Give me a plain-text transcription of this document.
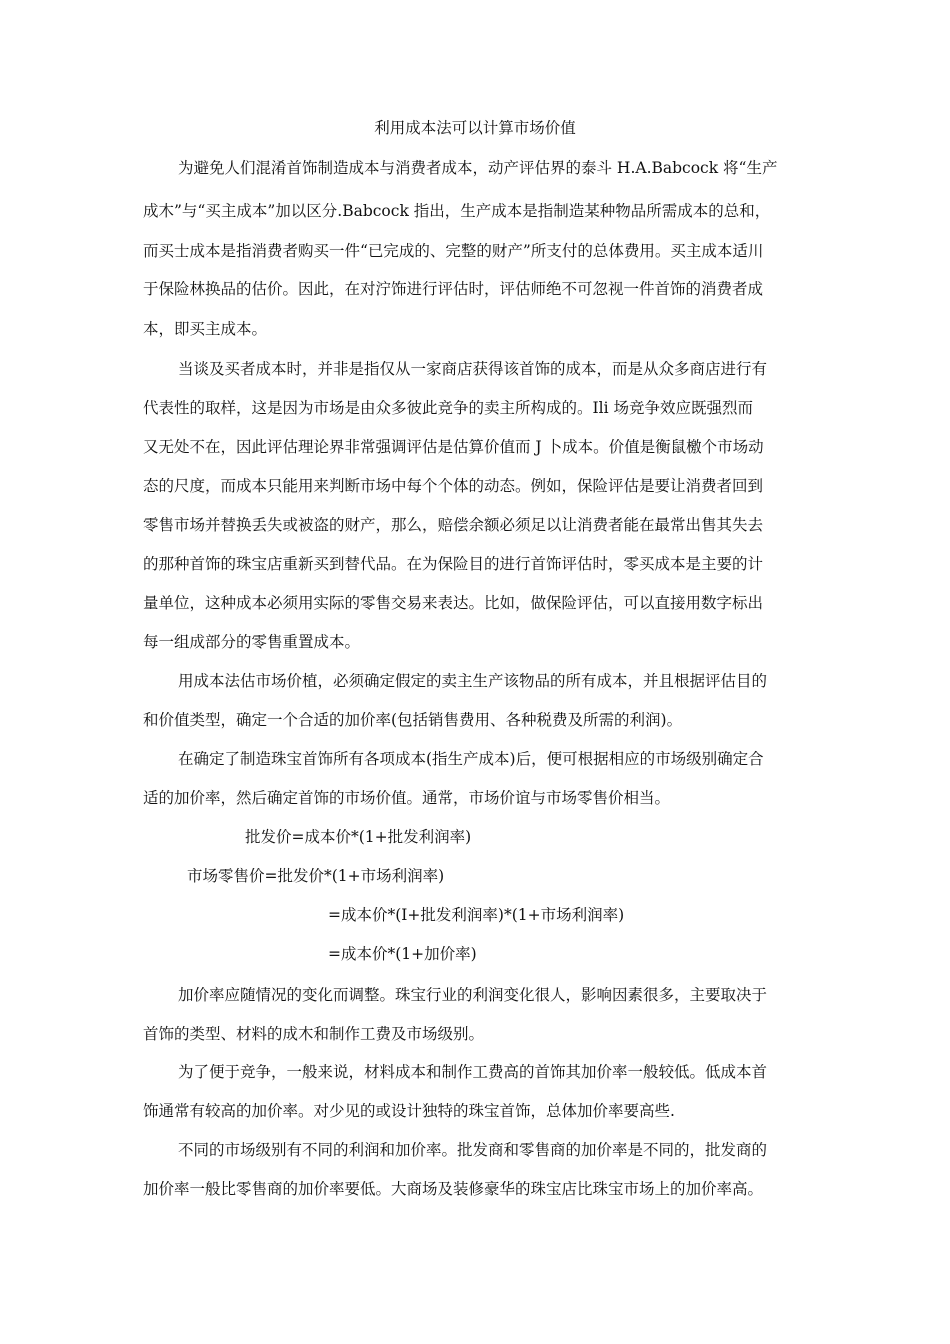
利用成本法可以计算市场价值
为避免人们混淆首饰制造成本与消费者成本，动产评估界的泰斗 H.A.Babcock 将“生产
成木”与“买主成本”加以区分.Babcock 指出，生产成本是指制造某种物品所需成本的总和，
而买士成本是指消费者购买一件“已完成的、完整的财产”所支付的总体费用。买主成本适川
于保险林换品的估价。因此，在对泞饰进行评估时，评估师绝不可忽视一件首饰的消费者成
本，即买主成本。
当谈及买者成本时，并非是指仅从一家商店获得该首饰的成本，而是从众多商店进行有
代表性的取样，这是因为市场是由众多彼此竞争的卖主所构成的。Ili 场竞争效应既强烈而
又无处不在，因此评估理论界非常强调评估是估算价值而 J 卜成本。价值是衡鼠檄个市场动
态的尺度，而成本只能用来判断市场中每个个体的动态。例如，保险评估是要让消费者回到
零售市场并替换丢失或被盗的财产，那么，赔偿余额必须足以让消费者能在最常出售其失去
的那种首饰的珠宝店重新买到替代品。在为保险目的进行首饰评估时，零买成本是主要的计
量单位，这种成本必须用实际的零售交易来表达。比如，做保险评估，可以直接用数字标出
每一组成部分的零售重置成本。
用成本法估市场价植，必须确定假定的卖主生产该物品的所有成本，并且根据评估目的
和价值类型，确定一个合适的加价率(包括销售费用、各种税费及所需的利润)。
在确定了制造珠宝首饰所有各项成本(指生产成本)后，便可根据相应的市场级别确定合
适的加价率，然后确定首饰的市场价值。通常，市场价谊与市场零售价相当。
批发价=成本价*(1+批发利润率)
市场零售价=批发价*(1+市场利润率)
=成本价*(I+批发利润率)*(1+市场利润率)
=成本价*(1+加价率)
加价率应随情况的变化而调整。珠宝行业的利润变化很人，影响因素很多，主要取决于
首饰的类型、材料的成木和制作工费及市场级别。
为了便于竞争，一般来说，材料成本和制作工费高的首饰其加价率一般较低。低成本首
饰通常有较高的加价率。对少见的或设计独特的珠宝首饰，总体加价率要高些.
不同的市场级别有不同的利润和加价率。批发商和零售商的加价率是不同的，批发商的
加价率一般比零售商的加价率要低。大商场及装修豪华的珠宝店比珠宝市场上的加价率高。
